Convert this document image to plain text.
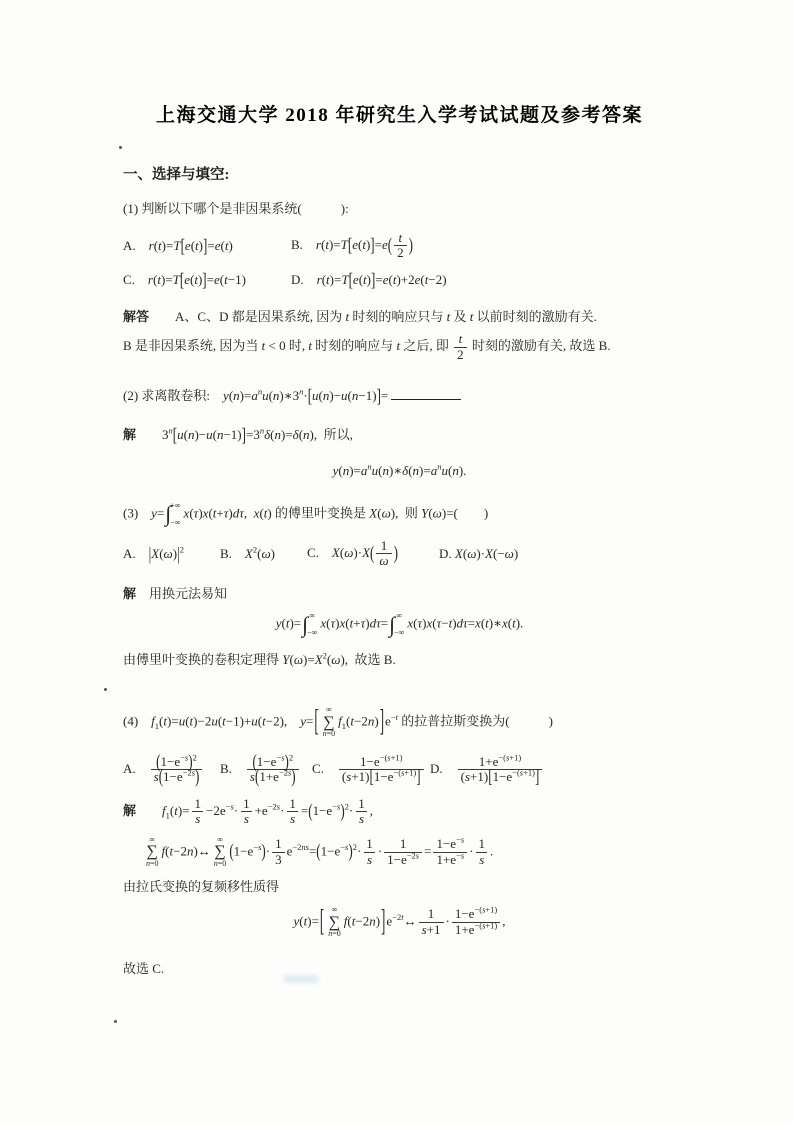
上海交通大学 2018 年研究生入学考试试题及参考答案
一、选择与填空:
(1) 判断以下哪个是非因果系统(   ):
A. r(t)=T[e(t)]=e(t)	B. $r(t)=T[e(t)]=e( \frac{t}{2}$ )
C. r(t)=T[e(t)]=e(t−1)	D. r(t)=T[e(t)]=e(t)+2e(t−2)
解答  A、C、D 都是因果系统, 因为 t 时刻的响应只与 t 及 t 以前时刻的激励有关.
B 是非因果系统, 因为当 t < 0 时, t 时刻的响应与 t 之后, 即 $\frac{t}{2}$ 时刻的激励有关, 故选 B.
(2) 求离散卷积: $y(n)=a^nu(n)∗3^n\cdot[u(n)-u(n-1)]=$
解  $3^n[u(n)-u(n-1)]=3^n\delta(n)=\delta(n)$, 所以,
$y(n)=a^nu(n)∗\delta(n)=a^nu(n)$.
(3) y= ∫ +∞
−∞
x(τ)x(t+τ)dτ, x(t) 的傅里叶变换是 X(ω), 则 Y(ω)=(  )
A. $|X(\omega)|^2$	B. $X^2(\omega)$	C. $X(\omega)\cdot X( \frac{1}{\omega}$ )	D. X(ω)·X(−ω)
解 用换元法易知
y(t)= ∫ ∞
−∞
x(τ)x(t+τ)dτ= ∫ ∞
−∞
x(τ)x(τ−t)dτ=x(t)∗x(t).
由傅里叶变换的卷积定理得 $Y(\omega)=X^2(\omega)$, 故选 B.
(4) $f_1(t)=u(t)-2u(t-1)+u(t-2)$, y=[ ∞
∑
n=0
$f_1(t-2n)]e^{-t}$ 的拉普拉斯变换为(   )
A.  $\frac{(1-e^{-s})^2}{s(1-e^{-2s})} B$.  $\frac{(1-e^{-s})^2}{s(1+e^{-2s})} C$.  $\frac{1-e^{-(s+1)}}{(s+1)[1-e^{-(s+1)}]} D$.  $\frac{1+e^{-(s+1)}}{(s+1)[1-e^{-(s+1)}]}$
解   $f_1(t)= \frac{1}{s} -2e^{-s}\cdot \frac{1}{s} +e^{-2s}\cdot \frac{1}{s} =(1-e^{-s})^2\cdot \frac{1}{s}$ ,
∞
∑
n=0
f(t−2n)↔
∞
∑
n=0
$(1-e^{-s})\cdot \frac{1}{3} e^{-2ns}=(1-e^{-s})^2\cdot \frac{1}{s} \cdot \frac{1}{1-e^{-2s}} = \frac{1-e^{-s}}{1+e^{-s}} \cdot \frac{1}{s}$ .
由拉氏变换的复频移性质得
y(t)=[ ∞
∑
n=0
$f(t-2n)]e^{-2t}\leftrightarrow \frac{1}{s+1} \cdot \frac{1-e^{-(s+1)}}{1+e^{-(s+1)}}$ ,
故选 C.
